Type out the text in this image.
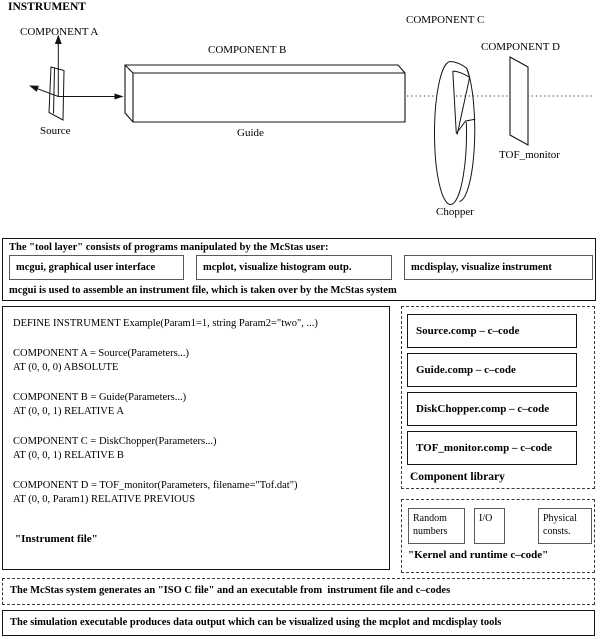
INSTRUMENT
COMPONENT A
COMPONENT B
COMPONENT C
COMPONENT D
Source	Guide
Chopper
TOF_monitor
The "tool layer" consists of programs manipulated by the McStas user:
mcgui, graphical user interface	mcplot, visualize histogram outp.	mcdisplay, visualize instrument
mcgui is used to assemble an instrument file, which is taken over by the McStas system
DEFINE INSTRUMENT Example(Param1=1, string Param2="two", ...)
COMPONENT A = Source(Parameters...)
AT (0, 0, 0) ABSOLUTE
COMPONENT B = Guide(Parameters...)
AT (0, 0, 1) RELATIVE A
COMPONENT C = DiskChopper(Parameters...)
AT (0, 0, 1) RELATIVE B
COMPONENT D = TOF_monitor(Parameters, filename="Tof.dat")
AT (0, 0, Param1) RELATIVE PREVIOUS
"Instrument file"
Source.comp – c–code
Guide.comp – c–code
DiskChopper.comp – c–code
TOF_monitor.comp – c–code
Component library
Random numbers
I/O	Physical consts.
"Kernel and runtime c–code"
The McStas system generates an "ISO C file" and an executable from  instrument file and c–codes
The simulation executable produces data output which can be visualized using the mcplot and mcdisplay tools
